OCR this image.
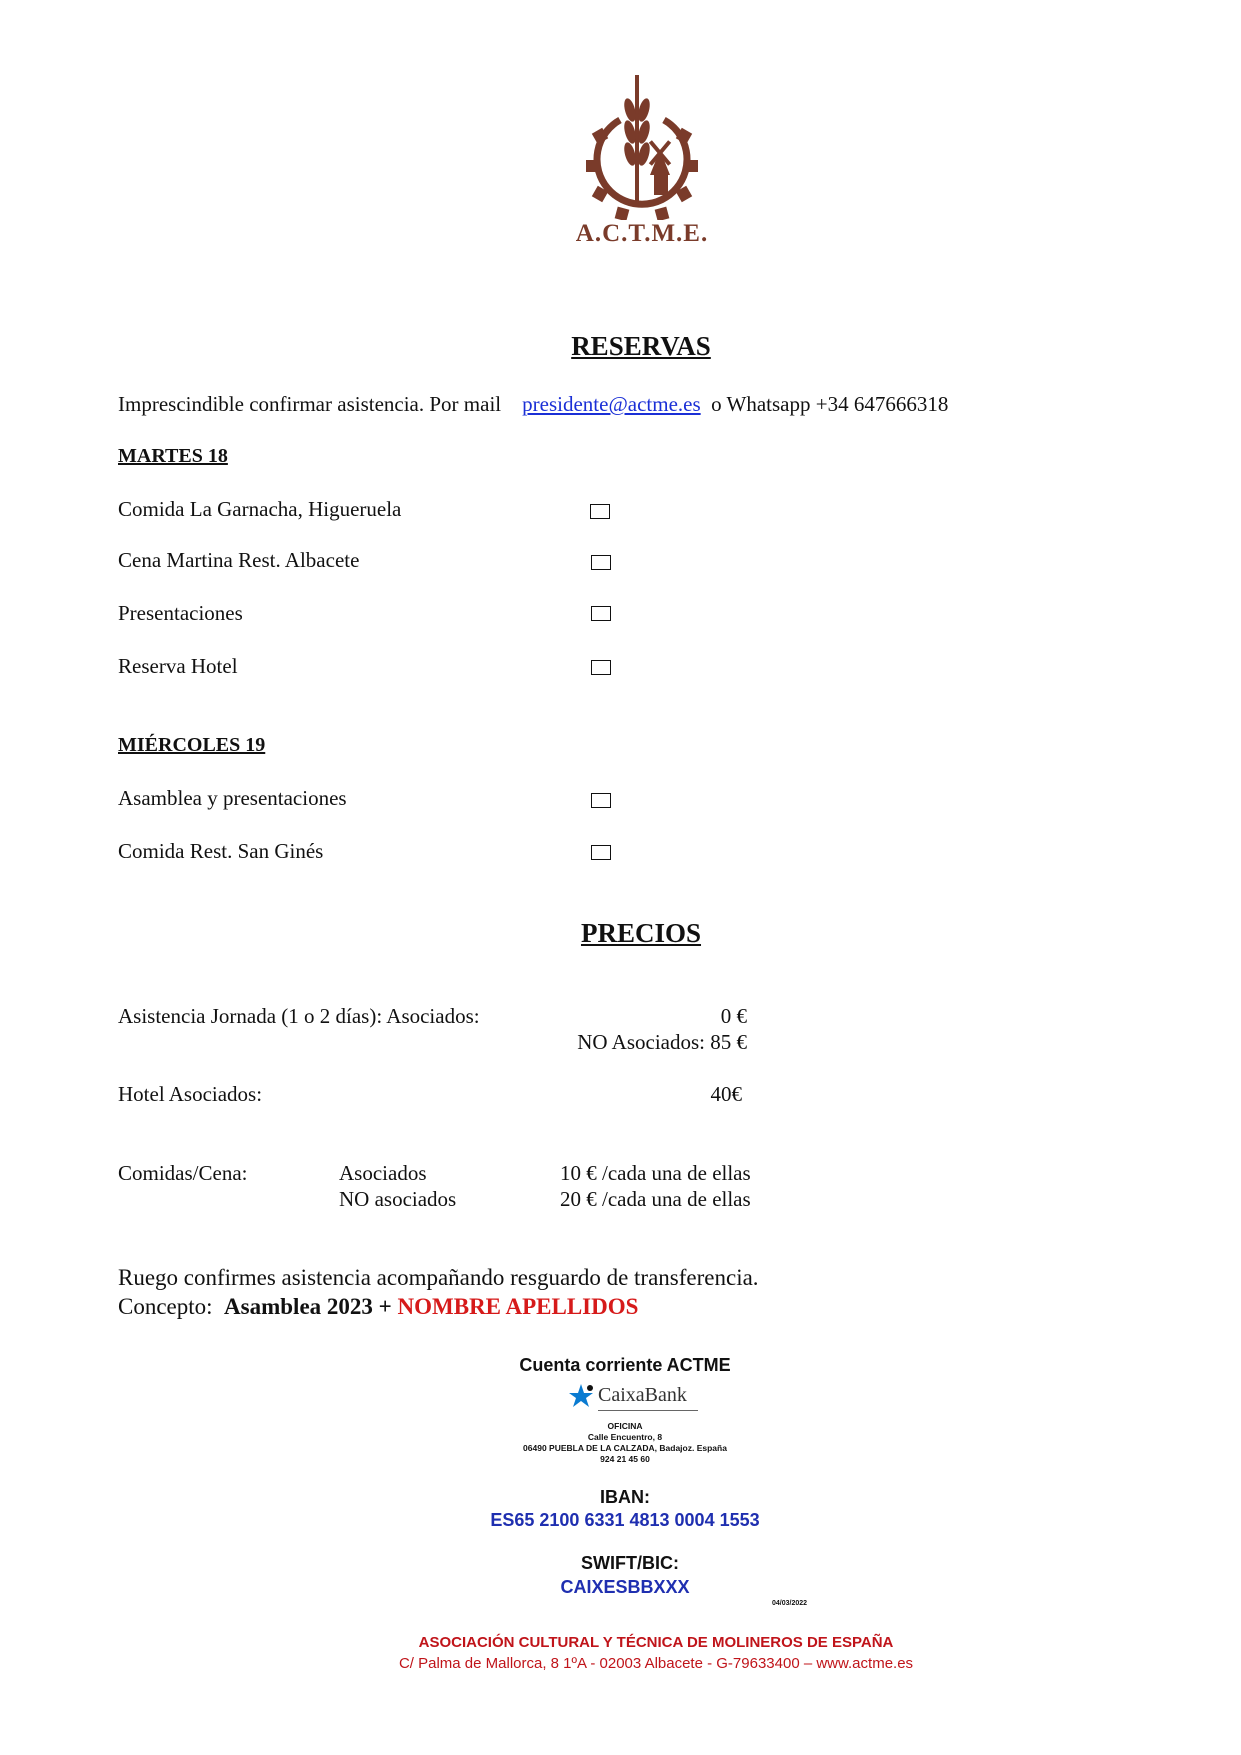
A.C.T.M.E.
RESERVAS
Imprescindible confirmar asistencia. Por mail presidente@actme.es o Whatsapp +34 647666318
MARTES 18
Comida La Garnacha, Higueruela
Cena Martina Rest. Albacete
Presentaciones
Reserva Hotel
MIÉRCOLES 19
Asamblea y presentaciones
Comida Rest. San Ginés
PRECIOS
Asistencia Jornada (1 o 2 días): Asociados:	0 €
NO Asociados: 85 €
Hotel Asociados:	40€
Comidas/Cena:	Asociados	10 € /cada una de ellas
NO asociados	20 € /cada una de ellas
Ruego confirmes asistencia acompañando resguardo de transferencia.
Concepto: Asamblea 2023 + NOMBRE APELLIDOS
Cuenta corriente ACTME
CaixaBank
OFICINA
Calle Encuentro, 8
06490 PUEBLA DE LA CALZADA, Badajoz. España
924 21 45 60
IBAN:
ES65 2100 6331 4813 0004 1553
SWIFT/BIC:
CAIXESBBXXX
04/03/2022
ASOCIACIÓN CULTURAL Y TÉCNICA DE MOLINEROS DE ESPAÑA
C/ Palma de Mallorca, 8 1ºA - 02003 Albacete - G-79633400 – www.actme.es
